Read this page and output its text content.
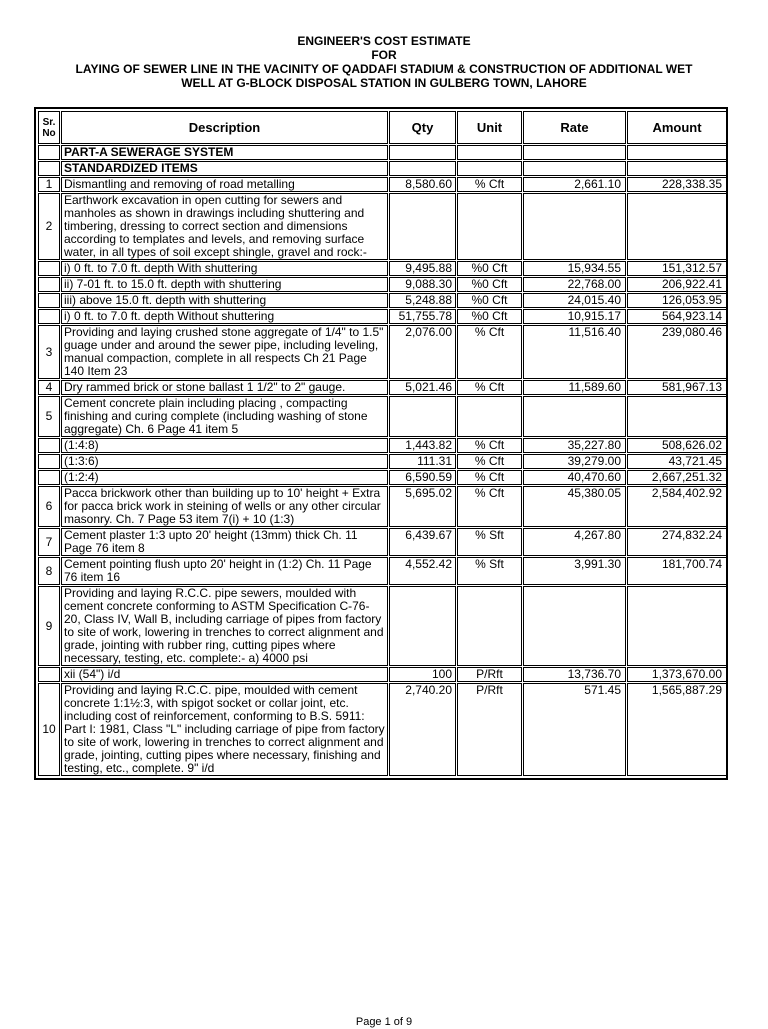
ENGINEER'S COST ESTIMATE
FOR
LAYING OF SEWER LINE IN THE VACINITY OF QADDAFI STADIUM & CONSTRUCTION OF ADDITIONAL WET
WELL AT G-BLOCK DISPOSAL STATION IN GULBERG TOWN, LAHORE
Sr. No	Description	Qty	Unit	Rate	Amount
	PART-A SEWERAGE SYSTEM				
	STANDARDIZED ITEMS				
1	Dismantling and removing of road metalling	8,580.60	% Cft	2,661.10	228,338.35
2	Earthwork excavation in open cutting for sewers and manholes as shown in drawings including shuttering and timbering, dressing to correct section and dimensions according to templates and levels, and removing surface water, in all types of soil except shingle, gravel and rock:-				
	i) 0 ft. to 7.0 ft. depth With shuttering	9,495.88	%0 Cft	15,934.55	151,312.57
	ii) 7-01 ft. to 15.0 ft. depth with shuttering	9,088.30	%0 Cft	22,768.00	206,922.41
	iii) above 15.0 ft. depth with shuttering	5,248.88	%0 Cft	24,015.40	126,053.95
	i) 0 ft. to 7.0 ft. depth Without shuttering	51,755.78	%0 Cft	10,915.17	564,923.14
3	Providing and laying crushed stone aggregate of 1/4" to 1.5" guage under and around the sewer pipe, including leveling, manual compaction, complete in all respects Ch 21 Page 140 Item 23	2,076.00	% Cft	11,516.40	239,080.46
4	Dry rammed brick or stone ballast 1 1/2" to 2" gauge.	5,021.46	% Cft	11,589.60	581,967.13
5	Cement concrete plain including placing , compacting finishing and curing complete (including washing of stone aggregate) Ch. 6 Page 41 item 5				
	(1:4:8)	1,443.82	% Cft	35,227.80	508,626.02
	(1:3:6)	111.31	% Cft	39,279.00	43,721.45
	(1:2:4)	6,590.59	% Cft	40,470.60	2,667,251.32
6	Pacca brickwork other than building up to 10' height + Extra for pacca brick work in steining of wells or any other circular masonry. Ch. 7 Page 53 item 7(i) + 10 (1:3)	5,695.02	% Cft	45,380.05	2,584,402.92
7	Cement plaster 1:3 upto 20' height (13mm) thick Ch. 11 Page 76 item 8	6,439.67	% Sft	4,267.80	274,832.24
8	Cement pointing flush upto 20' height in (1:2) Ch. 11 Page 76 item 16	4,552.42	% Sft	3,991.30	181,700.74
9	Providing and laying R.C.C. pipe sewers, moulded with cement concrete conforming to ASTM Specification C-76-20, Class IV, Wall B, including carriage of pipes from factory to site of work, lowering in trenches to correct alignment and grade, jointing with rubber ring, cutting pipes where necessary, testing, etc. complete:- a) 4000 psi				
	xii (54") i/d	100	P/Rft	13,736.70	1,373,670.00
10	Providing and laying R.C.C. pipe, moulded with cement concrete 1:1½:3, with spigot socket or collar joint, etc. including cost of reinforcement, conforming to B.S. 5911: Part I: 1981, Class "L" including carriage of pipe from factory to site of work, lowering in trenches to correct alignment and grade, jointing, cutting pipes where necessary, finishing and testing, etc., complete. 9" i/d	2,740.20	P/Rft	571.45	1,565,887.29
Page 1 of 9
